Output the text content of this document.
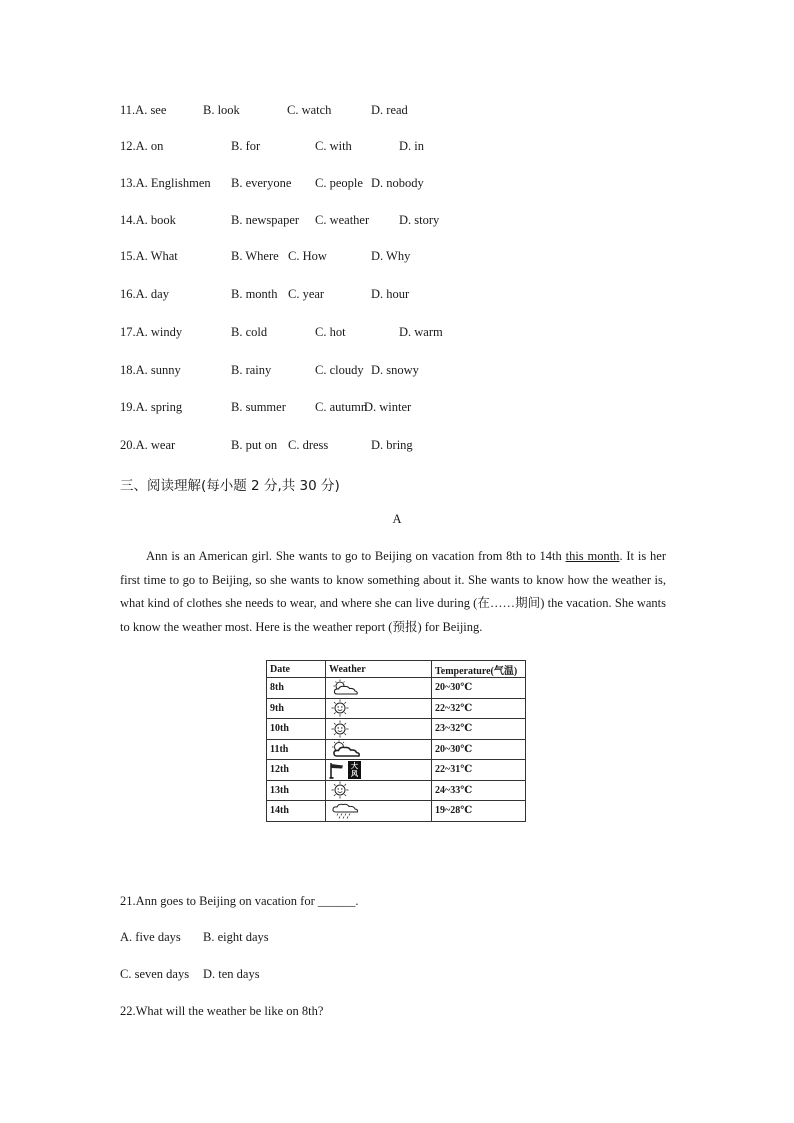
11.A. see	B. look	C. watch	D. read
12.A. on	B. for	C. with	D. in
13.A. Englishmen B. everyone C. people D. nobody
14.A. book	B. newspaper C. weather D. story
15.A. What	B. Where C. How	D. Why
16.A. day	B. month C. year	D. hour
17.A. windy	B. cold	C. hot	D. warm
18.A. sunny	B. rainy	C. cloudy D. snowy
19.A. spring	B. summer C. autumn
D. winter
20.A. wear	B. put on C. dress	D. bring
三、阅读理解(每小题 2 分,共 30 分)
A
Ann is an American girl. She wants to go to Beijing on vacation from 8th to 14th this month. It is her first time to go to Beijing, so she wants to know something about it. She wants to know how the weather is, what kind of clothes she needs to wear, and where she can live during (在……期间) the vacation. She wants to know the weather most. Here is the weather report (预报) for Beijing.
Date	Weather	Temperature(气温)
8th		20~30℃
9th		22~32℃
10th		23~32℃
11th		20~30℃
12th	大风	22~31℃
13th		24~33℃
14th		19~28℃
21.Ann goes to Beijing on vacation for ______.
A. five days B. eight days
C. seven days D. ten days
22.What will the weather be like on 8th?
